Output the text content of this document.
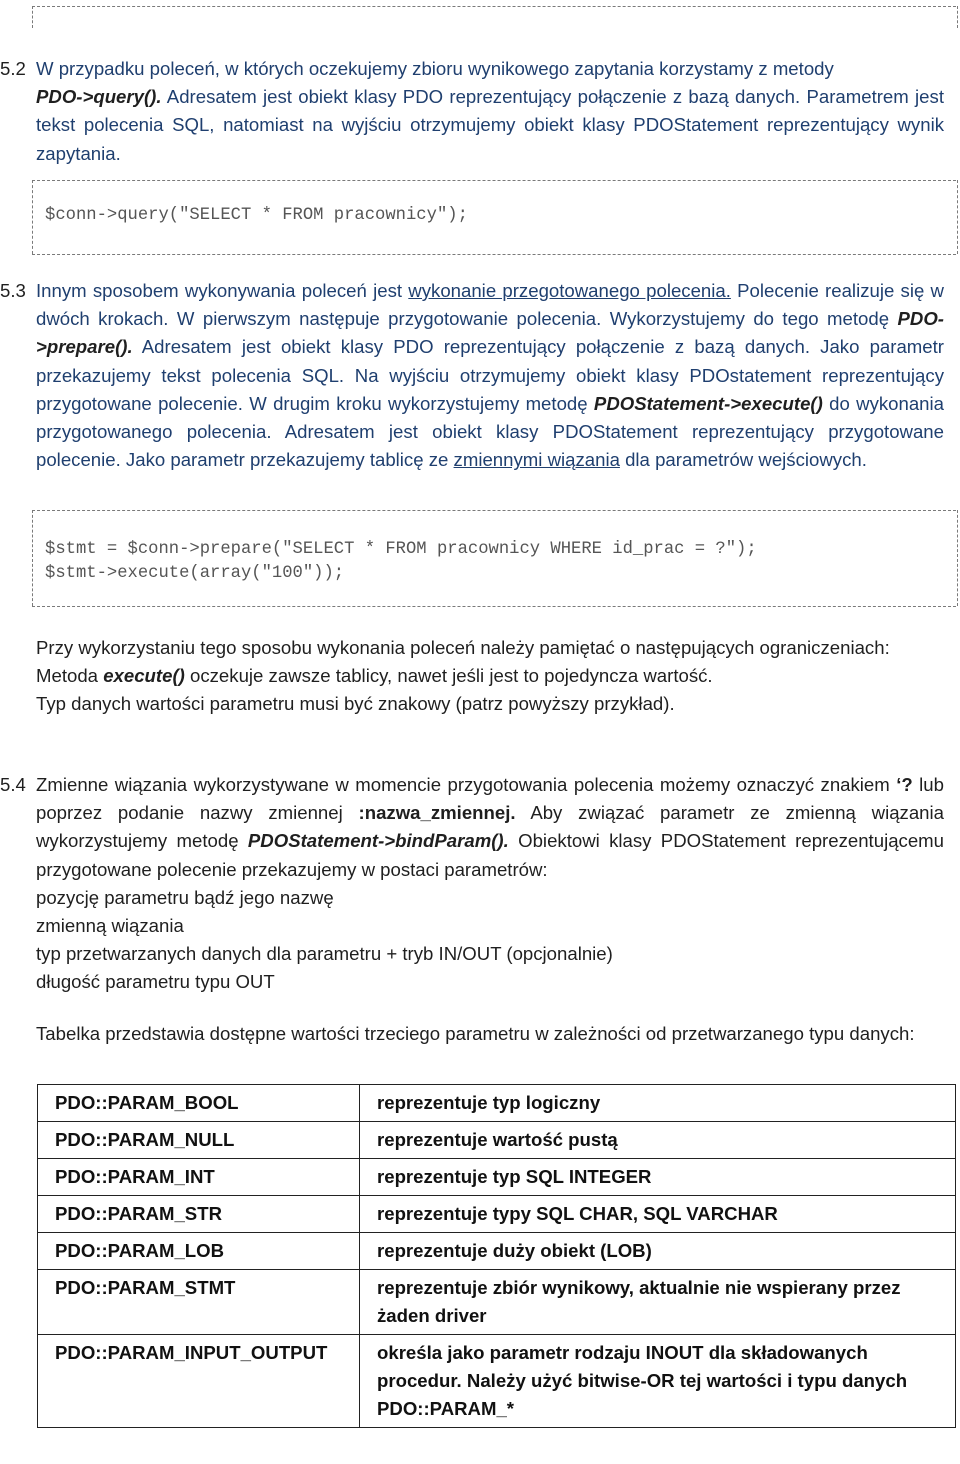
5.2 W przypadku poleceń, w których oczekujemy zbioru wynikowego zapytania korzystamy z metody
PDO->query(). Adresatem jest obiekt klasy PDO reprezentujący połączenie z bazą danych. Parametrem jest tekst polecenia SQL, natomiast na wyjściu otrzymujemy obiekt klasy PDOStatement reprezentujący wynik zapytania.

$conn->query("SELECT * FROM pracownicy");
5.3 Innym sposobem wykonywania poleceń jest wykonanie przegotowanego polecenia. Polecenie realizuje się w dwóch krokach. W pierwszym następuje przygotowanie polecenia. Wykorzystujemy do tego metodę PDO->prepare(). Adresatem jest obiekt klasy PDO reprezentujący połączenie z bazą danych. Jako parametr przekazujemy tekst polecenia SQL. Na wyjściu otrzymujemy obiekt klasy PDOstatement reprezentujący przygotowane polecenie. W drugim kroku wykorzystujemy metodę PDOStatement->execute() do wykonania przygotowanego polecenia. Adresatem jest obiekt klasy PDOStatement reprezentujący przygotowane polecenie. Jako parametr przekazujemy tablicę ze zmiennymi wiązania dla parametrów wejściowych.

$stmt = $conn->prepare("SELECT * FROM pracownicy WHERE id_prac = ?");
$stmt->execute(array("100"));

Przy wykorzystaniu tego sposobu wykonania poleceń należy pamiętać o następujących ograniczeniach:
Metoda execute() oczekuje zawsze tablicy, nawet jeśli jest to pojedyncza wartość.
Typ danych wartości parametru musi być znakowy (patrz powyższy przykład).

5.4 Zmienne wiązania wykorzystywane w momencie przygotowania polecenia możemy oznaczyć znakiem ‘? lub poprzez podanie nazwy zmiennej :nazwa_zmiennej. Aby związać parametr ze zmienną wiązania wykorzystujemy metodę PDOStatement->bindParam(). Obiektowi klasy PDOStatement reprezentującemu przygotowane polecenie przekazujemy w postaci parametrów:
pozycję parametru bądź jego nazwę
zmienną wiązania
typ przetwarzanych danych dla parametru + tryb IN/OUT (opcjonalnie)
długość parametru typu OUT

Tabelka przedstawia dostępne wartości trzeciego parametru w zależności od przetwarzanego typu danych:

PDO::PARAM_BOOL	reprezentuje typ logiczny
PDO::PARAM_NULL	reprezentuje wartość pustą
PDO::PARAM_INT	reprezentuje typ SQL INTEGER
PDO::PARAM_STR	reprezentuje typy SQL CHAR, SQL VARCHAR
PDO::PARAM_LOB	reprezentuje duży obiekt (LOB)
PDO::PARAM_STMT	reprezentuje zbiór wynikowy, aktualnie nie wspierany przez żaden driver
PDO::PARAM_INPUT_OUTPUT	określa jako parametr rodzaju INOUT dla składowanych procedur. Należy użyć bitwise-OR tej wartości i typu danych PDO::PARAM_*
